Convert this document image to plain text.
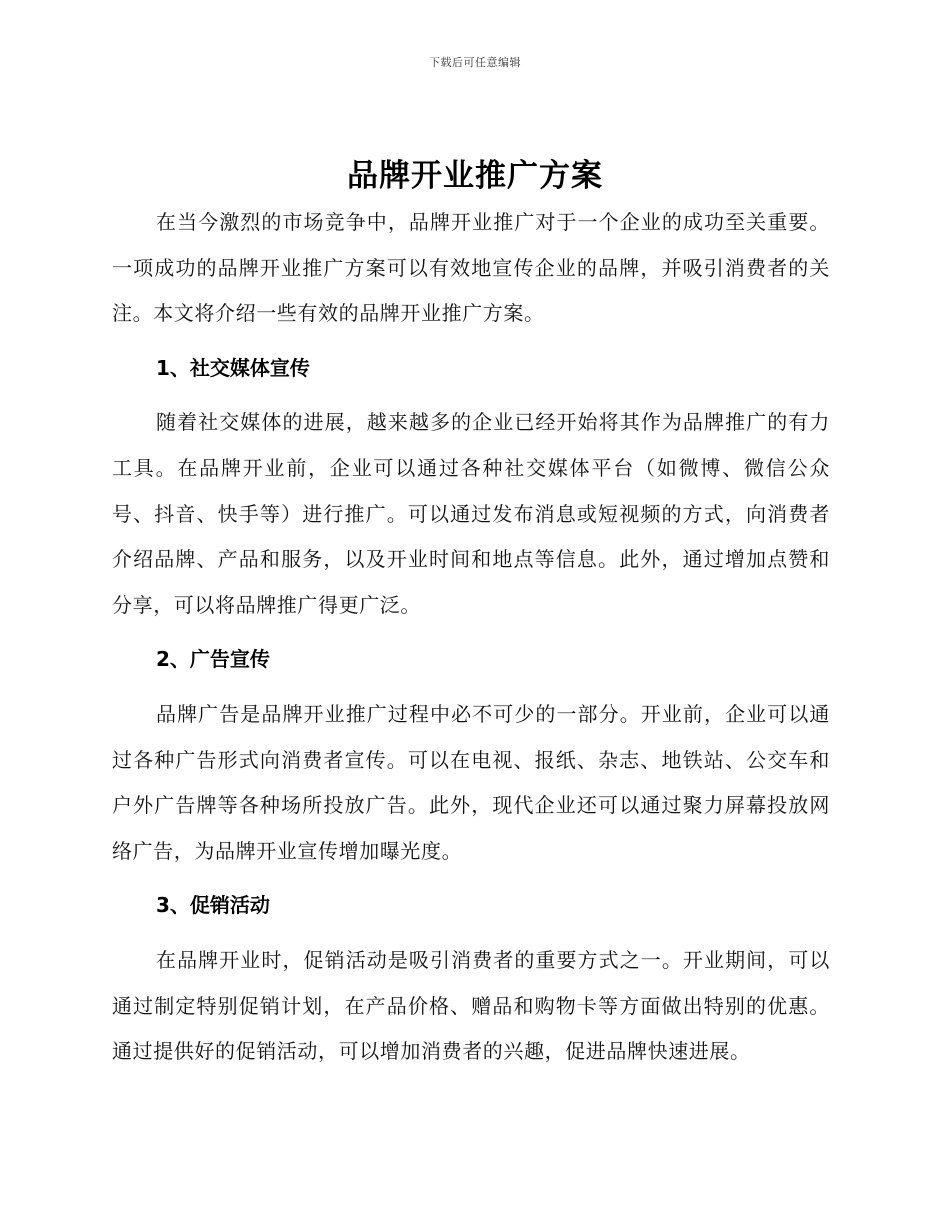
下载后可任意编辑
品牌开业推广方案

在当今激烈的市场竞争中，品牌开业推广对于一个企业的成功至关重要。一项成功的品牌开业推广方案可以有效地宣传企业的品牌，并吸引消费者的关注。本文将介绍一些有效的品牌开业推广方案。

1、社交媒体宣传

随着社交媒体的进展，越来越多的企业已经开始将其作为品牌推广的有力工具。在品牌开业前，企业可以通过各种社交媒体平台（如微博、微信公众号、抖音、快手等）进行推广。可以通过发布消息或短视频的方式，向消费者介绍品牌、产品和服务，以及开业时间和地点等信息。此外，通过增加点赞和分享，可以将品牌推广得更广泛。

2、广告宣传

品牌广告是品牌开业推广过程中必不可少的一部分。开业前，企业可以通过各种广告形式向消费者宣传。可以在电视、报纸、杂志、地铁站、公交车和户外广告牌等各种场所投放广告。此外，现代企业还可以通过聚力屏幕投放网络广告，为品牌开业宣传增加曝光度。

3、促销活动

在品牌开业时，促销活动是吸引消费者的重要方式之一。开业期间，可以通过制定特别促销计划，在产品价格、赠品和购物卡等方面做出特别的优惠。通过提供好的促销活动，可以增加消费者的兴趣，促进品牌快速进展。
